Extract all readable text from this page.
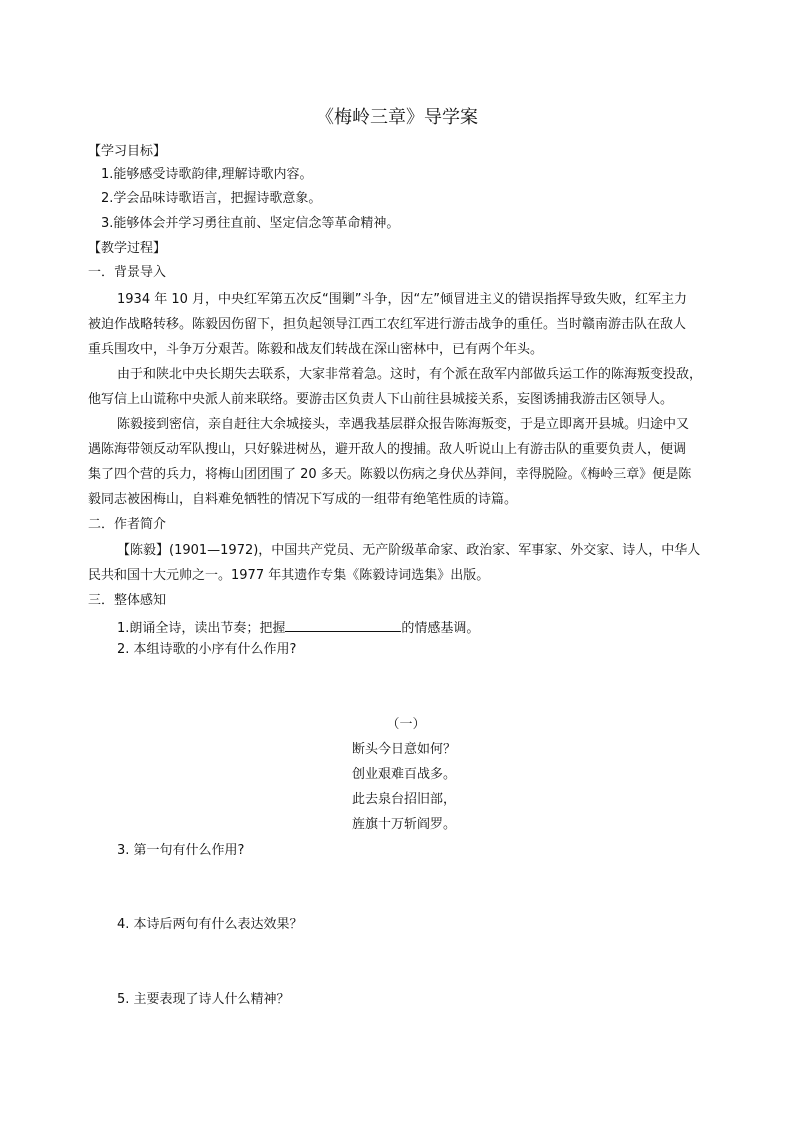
《梅岭三章》导学案
【学习目标】
1.能够感受诗歌韵律,理解诗歌内容。
2.学会品味诗歌语言，把握诗歌意象。
3.能够体会并学习勇往直前、坚定信念等革命精神。
【教学过程】
一．背景导入
1934 年 10 月，中央红军第五次反“围剿”斗争，因“左”倾冒进主义的错误指挥导致失败，红军主力
被迫作战略转移。陈毅因伤留下，担负起领导江西工农红军进行游击战争的重任。当时赣南游击队在敌人
重兵围攻中，斗争万分艰苦。陈毅和战友们转战在深山密林中，已有两个年头。
由于和陕北中央长期失去联系，大家非常着急。这时，有个派在敌军内部做兵运工作的陈海叛变投敌，
他写信上山谎称中央派人前来联络。要游击区负责人下山前往县城接关系，妄图诱捕我游击区领导人。
陈毅接到密信，亲自赶往大余城接头，幸遇我基层群众报告陈海叛变，于是立即离开县城。归途中又
遇陈海带领反动军队搜山，只好躲进树丛，避开敌人的搜捕。敌人听说山上有游击队的重要负责人，便调
集了四个营的兵力，将梅山团团围了 20 多天。陈毅以伤病之身伏丛莽间，幸得脱险。《梅岭三章》便是陈
毅同志被困梅山，自料难免牺牲的情况下写成的一组带有绝笔性质的诗篇。
二．作者简介
【陈毅】(1901—1972)，中国共产党员、无产阶级革命家、政治家、军事家、外交家、诗人，中华人
民共和国十大元帅之一。1977 年其遗作专集《陈毅诗词选集》出版。
三．整体感知
1.朗诵全诗，读出节奏；把握	的情感基调。
2. 本组诗歌的小序有什么作用?
（一）
断头今日意如何？
创业艰难百战多。
此去泉台招旧部，
旌旗十万斩阎罗。
3. 第一句有什么作用?
4. 本诗后两句有什么表达效果？
5. 主要表现了诗人什么精神？
